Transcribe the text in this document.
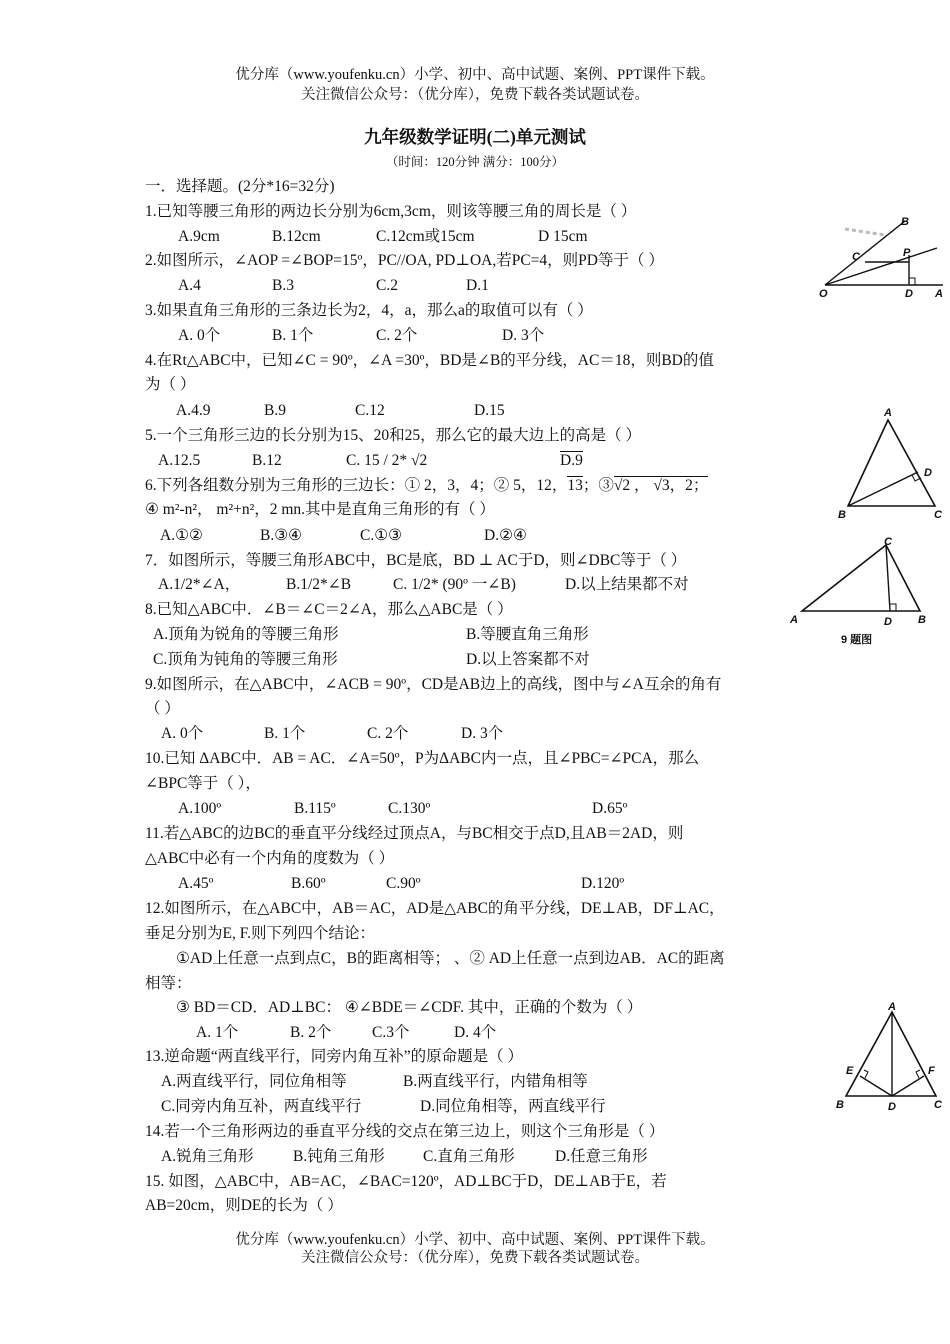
优分库（www.youfenku.cn）小学、初中、高中试题、案例、PPT课件下载。
关注微信公众号：（优分库），免费下载各类试题试卷。
九年级数学证明(二)单元测试
（时间：120分钟 满分：100分）
一．选择题。(2分*16=32分)
1.已知等腰三角形的两边长分别为6cm,3cm，则该等腰三角的周长是（ ）
A.9cm	B.12cm	C.12cm或15cm	D 15cm
2.如图所示，∠AOP =∠BOP=15º，PC//OA, PD⊥OA,若PC=4，则PD等于（ ）
A.4	B.3	C.2	D.1
3.如果直角三角形的三条边长为2，4，a，那么a的取值可以有（ ）
A. 0个	B. 1个	C. 2个	D. 3个
4.在Rt△ABC中，已知∠C = 90º，∠A =30º，BD是∠B的平分线，AC＝18，则BD的值
为（ ）
A.4.9	B.9	C.12	D.15
5.一个三角形三边的长分别为15、20和25，那么它的最大边上的高是（ ）
A.12.5	B.12	C. 15 / 2* √2	D.9
6.下列各组数分别为三角形的三边长：① 2，3，4；② 5，12，13；③√2 ， √3，2；
④ m²-n²， m²+n²，2 mn.其中是直角三角形的有（ ）
A.①②	B.③④	C.①③	D.②④
7．如图所示，等腰三角形ABC中，BC是底，BD ⊥ AC于D，则∠DBC等于（ ）
A.1/2*∠A，	B.1/2*∠B	C. 1/2* (90º 一∠B)	D.以上结果都不对
8.已知△ABC中．∠B＝∠C＝2∠A，那么△ABC是（ ）
A.顶角为锐角的等腰三角形	B.等腰直角三角形
C.顶角为钝角的等腰三角形	D.以上答案都不对
9.如图所示，在△ABC中，∠ACB = 90º，CD是AB边上的高线，图中与∠A互余的角有
（ ）
A. 0个	B. 1个	C. 2个	D. 3个
10.已知 ΔABC中．AB = AC．∠A=50º，P为ΔABC内一点，且∠PBC=∠PCA，那么
∠BPC等于（ ），
A.100º	B.115º	C.130º	D.65º
11.若△ABC的边BC的垂直平分线经过顶点A，与BC相交于点D,且AB＝2AD，则
△ABC中必有一个内角的度数为（ ）
A.45º	B.60º	C.90º	D.120º
12.如图所示，在△ABC中，AB＝AC，AD是△ABC的角平分线，DE⊥AB，DF⊥AC，
垂足分别为E, F.则下列四个结论：
①AD上任意一点到点C，B的距离相等； 、② AD上任意一点到边AB．AC的距离
相等：
③ BD＝CD．AD⊥BC： ④∠BDE＝∠CDF. 其中，正确的个数为（ ）
A. 1个	B. 2个	C.3个	D. 4个
13.逆命题“两直线平行，同旁内角互补”的原命题是（ ）
A.两直线平行，同位角相等	B.两直线平行，内错角相等
C.同旁内角互补，两直线平行	D.同位角相等，两直线平行
14.若一个三角形两边的垂直平分线的交点在第三边上，则这个三角形是（ ）
A.锐角三角形	B.钝角三角形 C.直角三角形	D.任意三角形
15. 如图，△ABC中，AB=AC，∠BAC=120º，AD⊥BC于D，DE⊥AB于E，若
AB=20cm，则DE的长为（ ）
优分库（www.youfenku.cn）小学、初中、高中试题、案例、PPT课件下载。
关注微信公众号：（优分库），免费下载各类试题试卷。
B
C	P
O	D A
A
D
B	C
C
A	D B
9 题图
A
E	F
B	D	C
